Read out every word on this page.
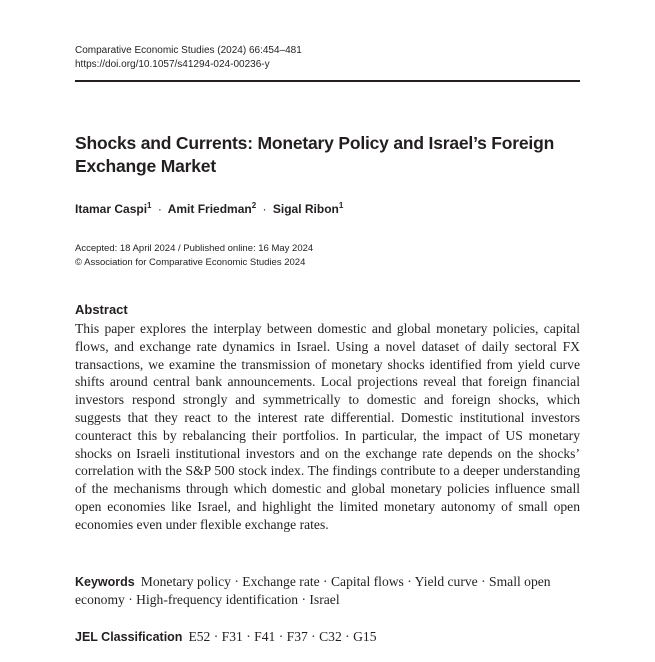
Comparative Economic Studies (2024) 66:454–481
https://doi.org/10.1057/s41294-024-00236-y
Shocks and Currents: Monetary Policy and Israel’s Foreign
Exchange Market
Itamar Caspi$^1$ · Amit Friedman$^2$ · Sigal Ribon$^1$
Accepted: 18 April 2024 / Published online: 16 May 2024
© Association for Comparative Economic Studies 2024
Abstract
This paper explores the interplay between domestic and global monetary policies, capital flows, and exchange rate dynamics in Israel. Using a novel dataset of daily sectoral FX transactions, we examine the transmission of monetary shocks identified from yield curve shifts around central bank announcements. Local projections reveal that foreign financial investors respond strongly and symmetrically to domestic and foreign shocks, which suggests that they react to the interest rate differential. Domestic institutional investors counteract this by rebalancing their portfolios. In particular, the impact of US monetary shocks on Israeli institutional investors and on the exchange rate depends on the shocks’ correlation with the S&P 500 stock index. The findings contribute to a deeper understanding of the mechanisms through which domestic and global monetary policies influence small open economies like Israel, and highlight the limited monetary autonomy of small open economies even under flexible exchange rates.
Keywords Monetary policy · Exchange rate · Capital flows · Yield curve · Small open economy · High-frequency identification · Israel
JEL Classification E52 · F31 · F41 · F37 · C32 · G15
